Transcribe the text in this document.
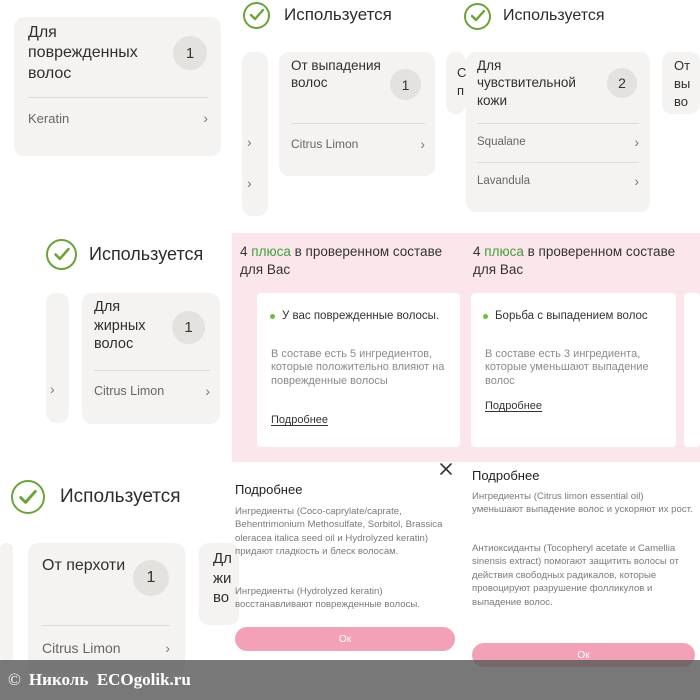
Для поврежденных волос
1
Keratin	›
Используется
›
›
От выпадения волос	1
Citrus Limon	›
Используется
С п
Для чувствительной кожи
2
Squalane	›
Lavandula	›
От вы во
Используется
›
Для жирных волос
1
Citrus Limon	›
Используется
От перхоти
1
Citrus Limon	›
Дл жи во
4 плюса в проверенном составе для Вас
У вас поврежденные волосы.
В составе есть 5 ингредиентов, которые положительно влияют на поврежденные волосы
Подробнее
4 плюса в проверенном составе для Вас
Борьба с выпадением волос
В составе есть 3 ингредиента, которые уменьшают выпадение волос
Подробнее
Подробнее
Ингредиенты (Coco-caprylate/caprate, Behentrimonium Methosulfate, Sorbitol, Brassica oleracea italica seed oil и Hydrolyzed keratin) придают гладкость и блеск волосам.
Ингредиенты (Hydrolyzed keratin) восстанавливают поврежденные волосы.
Ок
Подробнее
Ингредиенты (Citrus limon essential oil) уменьшают выпадение волос и ускоряют их рост.
Антиоксиданты (Tocopheryl acetate и Camellia sinensis extract) помогают защитить волосы от действия свободных радикалов, которые провоцируют разрушение фолликулов и выпадение волос.
Ок
© Николь  ECOgolik.ru
